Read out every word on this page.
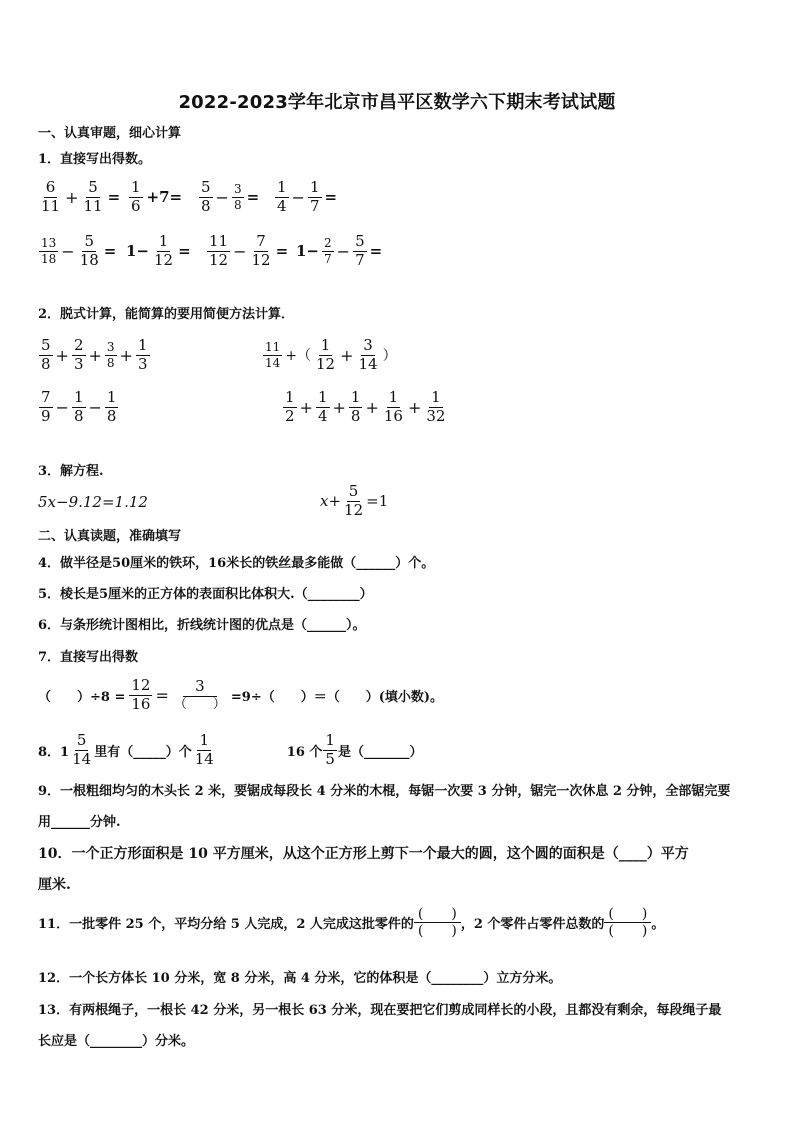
2022-2023学年北京市昌平区数学六下期末考试试题
一、认真审题，细心计算
1．直接写出得数。
$\frac{6}{11} + \frac{5}{11} = \frac{1}{6} +7= \frac{5}{8} - \frac{3}{8} = \frac{1}{4} - \frac{1}{7}$ =
$\frac{13}{18} - \frac{5}{18} = 1- \frac{1}{12} = \frac{11}{12} - \frac{7}{12} = 1- \frac{2}{7} - \frac{5}{7}$ =
2．脱式计算，能简算的要用简便方法计算．
$\frac{5}{8} + \frac{2}{3} + \frac{3}{8} + \frac{1}{3}$	$\frac{11}{14}$ +（ $\frac{1}{12} + \frac{3}{14}$ ）
$\frac{7}{9} - \frac{1}{8} - \frac{1}{8}$	$\frac{1}{2} + \frac{1}{4} + \frac{1}{8} + \frac{1}{16} + \frac{1}{32}$
3．解方程.
5x−9.12=1.12	$x+ \frac{5}{12} =1$
二、认真读题，准确填写
4．做半径是50厘米的铁环，16米长的铁丝最多能做（______）个。
5．棱长是5厘米的正方体的表面积比体积大.（________）
6．与条形统计图相比，折线统计图的优点是（______）。
7．直接写出得数
（　　）$\div 8 = \frac{12}{16} = \frac{3}{( )} =9\div$（　　）＝（　　）(填小数)。
8．$1 \frac{5}{14}$ 里有（_____）个 $\frac{1}{14}$	16 个 $\frac{1}{5}$ 是（_______）
9．一根粗细均匀的木头长 2 米，要锯成每段长 4 分米的木棍，每锯一次要 3 分钟，锯完一次休息 2 分钟，全部锯完要
用______分钟.
10．一个正方形面积是 10 平方厘米，从这个正方形上剪下一个最大的圆，这个圆的面积是（____）平方
厘米.
11．一批零件 25 个，平均分给 5 人完成，2 人完成这批零件的
(　　)
(　　) ，2 个零件占零件总数的
(　　)
(　　) 。
12．一个长方体长 10 分米，宽 8 分米，高 4 分米，它的体积是（________）立方分米。
13．有两根绳子，一根长 42 分米，另一根长 63 分米，现在要把它们剪成同样长的小段，且都没有剩余，每段绳子最
长应是（________）分米。
